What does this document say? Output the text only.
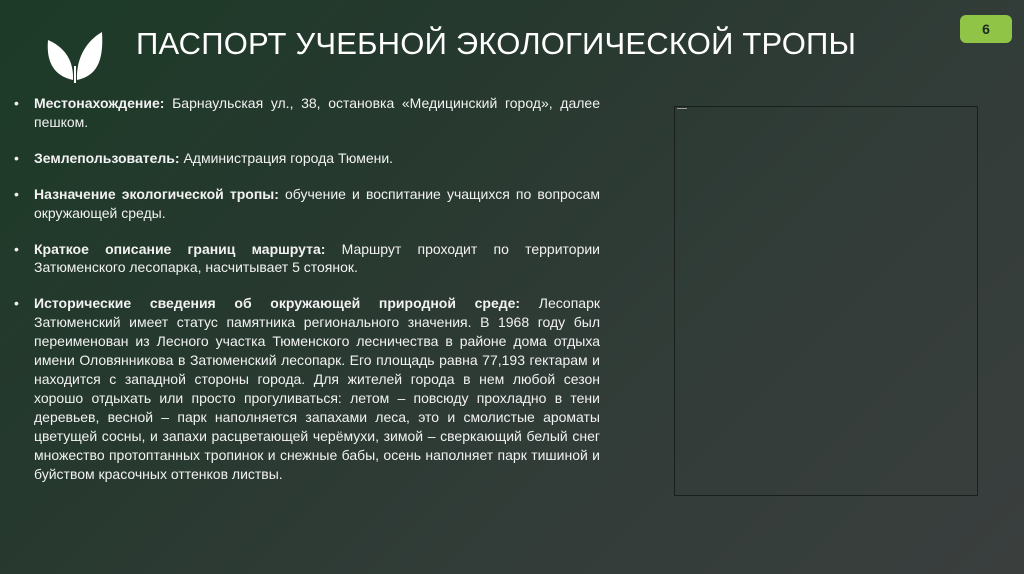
ПАСПОРТ УЧЕБНОЙ ЭКОЛОГИЧЕСКОЙ ТРОПЫ	6
• Местонахождение: Барнаульская ул., 38, остановка «Медицинский город», далее пешком.
• Землепользователь: Администрация города Тюмени.
• Назначение экологической тропы: обучение и воспитание учащихся по вопросам окружающей среды.
• Краткое описание границ маршрута: Маршрут проходит по территории Затюменского лесопарка, насчитывает 5 стоянок.
• Исторические сведения об окружающей природной среде: Лесопарк Затюменский имеет статус памятника регионального значения. В 1968 году был переименован из Лесного участка Тюменского лесничества в районе дома отдыха имени Оловянникова в Затюменский лесопарк. Его площадь равна 77,193 гектарам и находится с западной стороны города. Для жителей города в нем любой сезон хорошо отдыхать или просто прогуливаться: летом – повсюду прохладно в тени деревьев, весной – парк наполняется запахами леса, это и смолистые ароматы цветущей сосны, и запахи расцветающей черёмухи, зимой – сверкающий белый снег множество протоптанных тропинок и снежные бабы, осень наполняет парк тишиной и буйством красочных оттенков листвы.
